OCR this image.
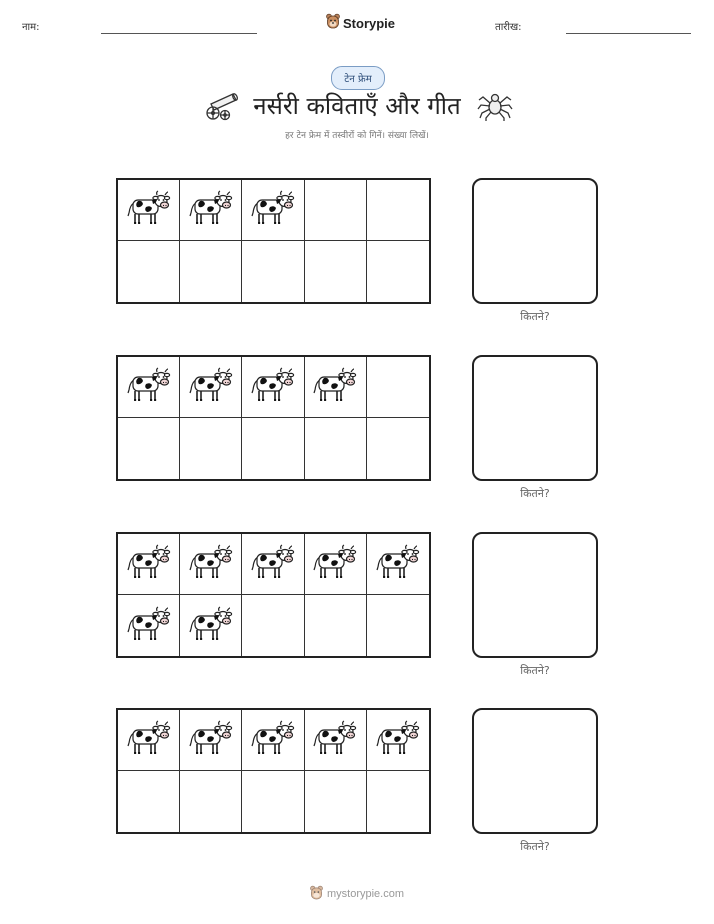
नाम:	Storypie	तारीख:
टेन फ्रेम
नर्सरी कविताएँ और गीत
हर टेन फ्रेम में तस्वीरों को गिनें। संख्या लिखें।
कितने?
कितने?
कितने?
कितने?
mystorypie.com
